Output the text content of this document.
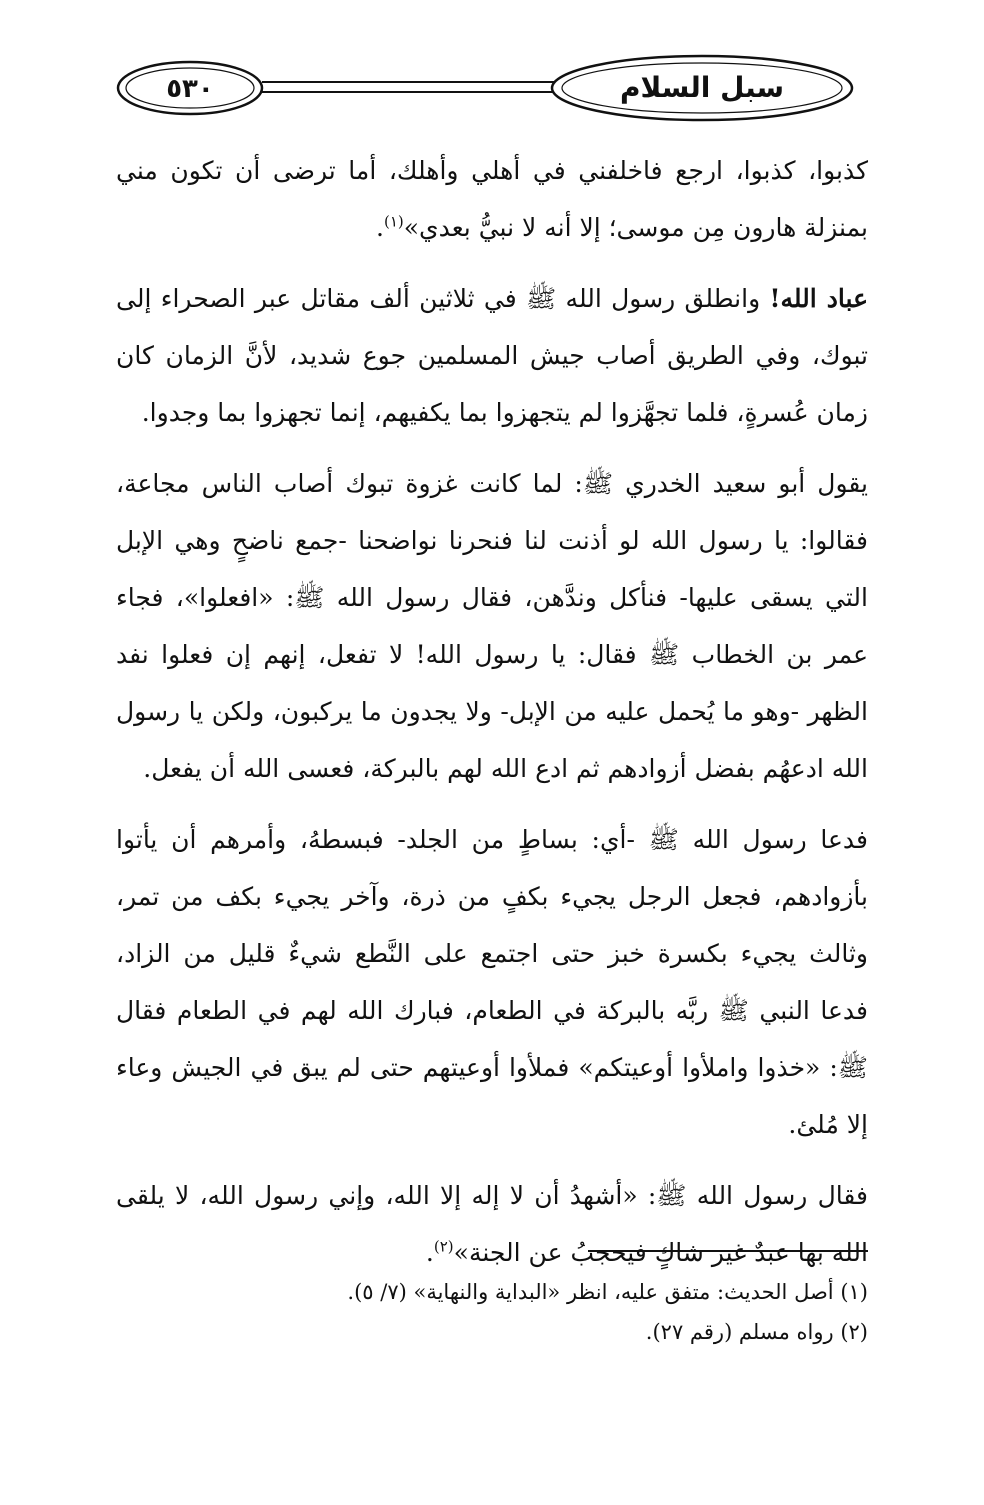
سبل السلام
٥٣٠

كذبوا، كذبوا، ارجع فاخلفني في أهلي وأهلك، أما ترضى أن تكون مني بمنزلة هارون مِن موسى؛ إلا أنه لا نبيُّ بعدي»$^{(١)}$.

عباد الله! وانطلق رسول الله ﷺ في ثلاثين ألف مقاتل عبر الصحراء إلى تبوك، وفي الطريق أصاب جيش المسلمين جوع شديد، لأنَّ الزمان كان زمان عُسرةٍ، فلما تجهَّزوا لم يتجهزوا بما يكفيهم، إنما تجهزوا بما وجدوا.

يقول أبو سعيد الخدري ﷺ: لما كانت غزوة تبوك أصاب الناس مجاعة، فقالوا: يا رسول الله لو أذنت لنا فنحرنا نواضحنا -جمع ناضحٍ وهي الإبل التي يسقى عليها- فنأكل وندَّهن، فقال رسول الله ﷺ: «افعلوا»، فجاء عمر بن الخطاب ﷺ فقال: يا رسول الله! لا تفعل، إنهم إن فعلوا نفد الظهر -وهو ما يُحمل عليه من الإبل- ولا يجدون ما يركبون، ولكن يا رسول الله ادعهُم بفضل أزوادهم ثم ادع الله لهم بالبركة، فعسى الله أن يفعل.

فدعا رسول الله ﷺ -أي: بساطٍ من الجلد- فبسطهُ، وأمرهم أن يأتوا بأزوادهم، فجعل الرجل يجيء بكفٍ من ذرة، وآخر يجيء بكف من تمر، وثالث يجيء بكسرة خبز حتى اجتمع على النَّطع شيءٌ قليل من الزاد، فدعا النبي ﷺ ربَّه بالبركة في الطعام، فبارك الله لهم في الطعام فقال ﷺ: «خذوا واملأوا أوعيتكم» فملأوا أوعيتهم حتى لم يبق في الجيش وعاء إلا مُلئ.

فقال رسول الله ﷺ: «أشهدُ أن لا إله إلا الله، وإني رسول الله، لا يلقى الله بها عبدٌ غير شاكٍ فيحجبُ عن الجنة»$^{(٢)}$.

(١) أصل الحديث: متفق عليه، انظر «البداية والنهاية» (٧/ ٥).
(٢) رواه مسلم (رقم ٢٧).
